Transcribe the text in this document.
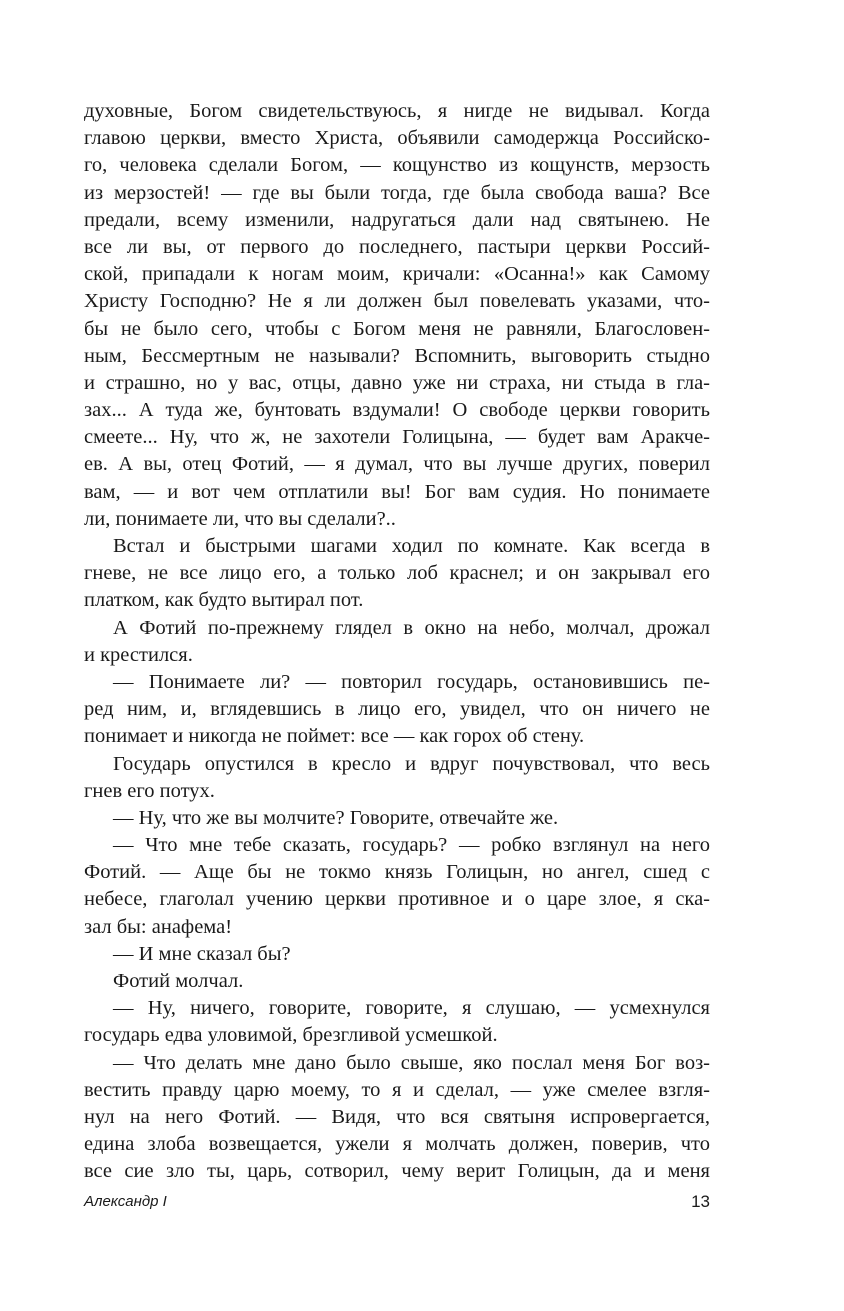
духовные, Богом свидетельствуюсь, я нигде не видывал. Когда
главою церкви, вместо Христа, объявили самодержца Российско-
го, человека сделали Богом, — кощунство из кощунств, мерзость
из мерзостей! — где вы были тогда, где была свобода ваша? Все
предали, всему изменили, надругаться дали над святынею. Не
все ли вы, от первого до последнего, пастыри церкви Россий-
ской, припадали к ногам моим, кричали: «Осанна!» как Самому
Христу Господню? Не я ли должен был повелевать указами, что-
бы не было сего, чтобы с Богом меня не равняли, Благословен-
ным, Бессмертным не называли? Вспомнить, выговорить стыдно
и страшно, но у вас, отцы, давно уже ни страха, ни стыда в гла-
зах... А туда же, бунтовать вздумали! О свободе церкви говорить
смеете... Ну, что ж, не захотели Голицына, — будет вам Аракче-
ев. А вы, отец Фотий, — я думал, что вы лучше других, поверил
вам, — и вот чем отплатили вы! Бог вам судия. Но понимаете
ли, понимаете ли, что вы сделали?..
Встал и быстрыми шагами ходил по комнате. Как всегда в
гневе, не все лицо его, а только лоб краснел; и он закрывал его
платком, как будто вытирал пот.
А Фотий по-прежнему глядел в окно на небо, молчал, дрожал
и крестился.
— Понимаете ли? — повторил государь, остановившись пе-
ред ним, и, вглядевшись в лицо его, увидел, что он ничего не
понимает и никогда не поймет: все — как горох об стену.
Государь опустился в кресло и вдруг почувствовал, что весь
гнев его потух.
— Ну, что же вы молчите? Говорите, отвечайте же.
— Что мне тебе сказать, государь? — робко взглянул на него
Фотий. — Аще бы не токмо князь Голицын, но ангел, сшед с
небесе, глаголал учению церкви противное и о царе злое, я ска-
зал бы: анафема!
— И мне сказал бы?
Фотий молчал.
— Ну, ничего, говорите, говорите, я слушаю, — усмехнулся
государь едва уловимой, брезгливой усмешкой.
— Что делать мне дано было свыше, яко послал меня Бог воз-
вестить правду царю моему, то я и сделал, — уже смелее взгля-
нул на него Фотий. — Видя, что вся святыня испровергается,
едина злоба возвещается, ужели я молчать должен, поверив, что
все сие зло ты, царь, сотворил, чему верит Голицын, да и меня
Александр I	13
